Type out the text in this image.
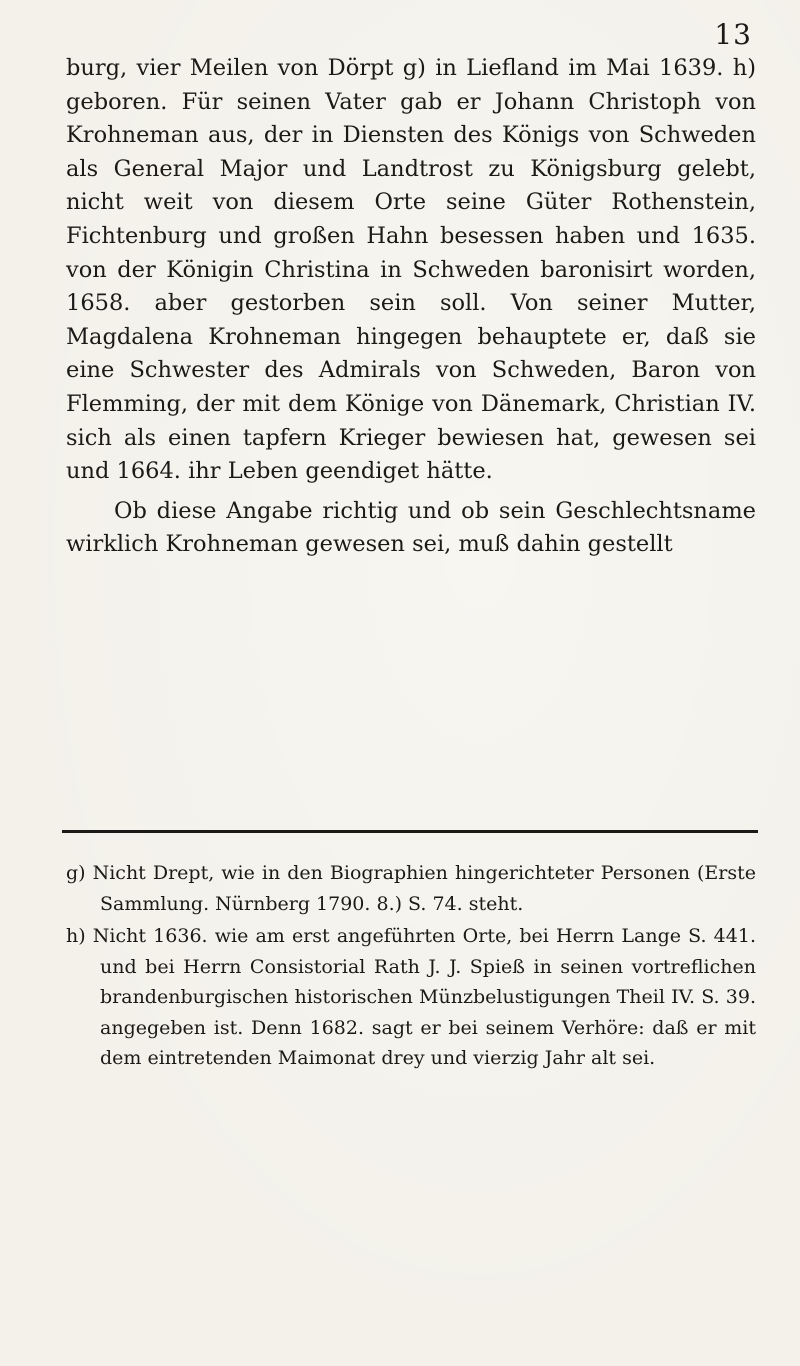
13

burg, vier Meilen von Dörpt g) in Liefland im Mai 1639. h) geboren. Für seinen Vater gab er Johann Christoph von Krohneman aus, der in Diensten des Königs von Schweden als General Major und Landtrost zu Königsburg gelebt, nicht weit von diesem Orte seine Güter Rothenstein, Fichtenburg und großen Hahn besessen haben und 1635. von der Königin Christina in Schweden baronisirt worden, 1658. aber gestorben sein soll. Von seiner Mutter, Magdalena Krohneman hingegen behauptete er, daß sie eine Schwester des Admirals von Schweden, Baron von Flemming, der mit dem Könige von Dänemark, Christian IV. sich als einen tapfern Krieger bewiesen hat, gewesen sei und 1664. ihr Leben geendiget hätte.

Ob diese Angabe richtig und ob sein Geschlechtsname wirklich Krohneman gewesen sei, muß dahin gestellt

g) Nicht Drept, wie in den Biographien hingerichteter Personen (Erste Sammlung. Nürnberg 1790. 8.) S. 74. steht.

h) Nicht 1636. wie am erst angeführten Orte, bei Herrn Lange S. 441. und bei Herrn Consistorial Rath J. J. Spieß in seinen vortreflichen brandenburgischen historischen Münzbelustigungen Theil IV. S. 39. angegeben ist. Denn 1682. sagt er bei seinem Verhöre: daß er mit dem eintretenden Maimonat drey und vierzig Jahr alt sei.
